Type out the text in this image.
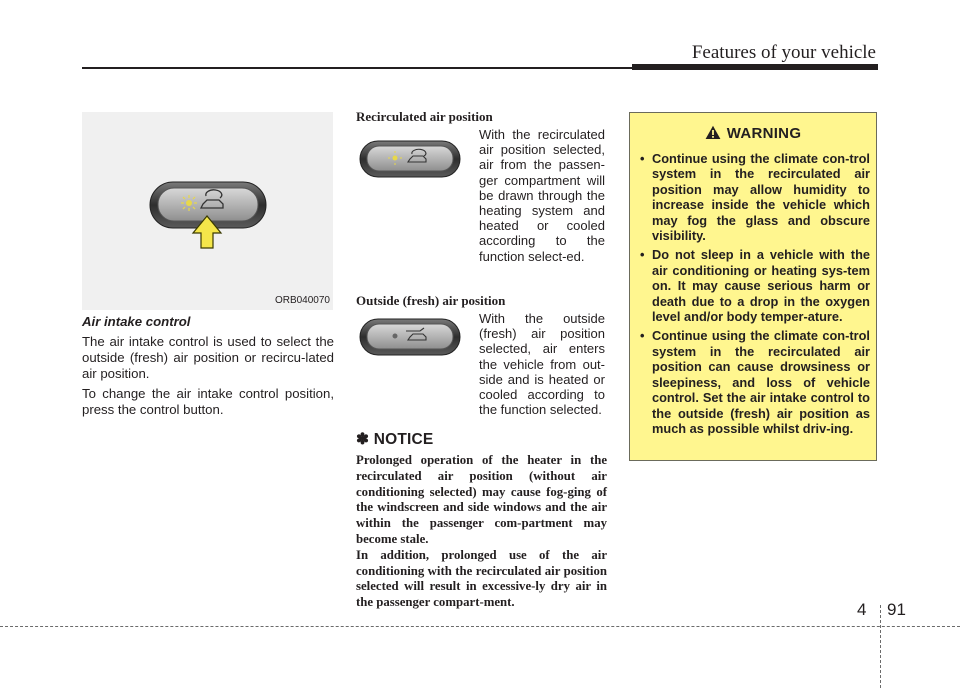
Features of your vehicle
ORB040070

Air intake control

The air intake control is used to select the outside (fresh) air position or recircu-lated air position.

To change the air intake control position, press the control button.

Recirculated air position

With the recirculated air position selected, air from the passen-ger compartment will be drawn through the heating system and heated or cooled according to the function select-ed.

Outside (fresh) air position

With the outside (fresh) air position selected, air enters the vehicle from out-side and is heated or cooled according to the function selected.

✽ NOTICE

Prolonged operation of the heater in the recirculated air position (without air conditioning selected) may cause fog-ging of the windscreen and side windows and the air within the passenger com-partment may become stale.

In addition, prolonged use of the air conditioning with the recirculated air position selected will result in excessive-ly dry air in the passenger compart-ment.

WARNING
• Continue using the climate con-trol system in the recirculated air position may allow humidity to increase inside the vehicle which may fog the glass and obscure visibility.
• Do not sleep in a vehicle with the air conditioning or heating sys-tem on. It may cause serious harm or death due to a drop in the oxygen level and/or body temper-ature.
• Continue using the climate con-trol system in the recirculated air position can cause drowsiness or sleepiness, and loss of vehicle control. Set the air intake control to the outside (fresh) air position as much as possible whilst driv-ing.
4 91
